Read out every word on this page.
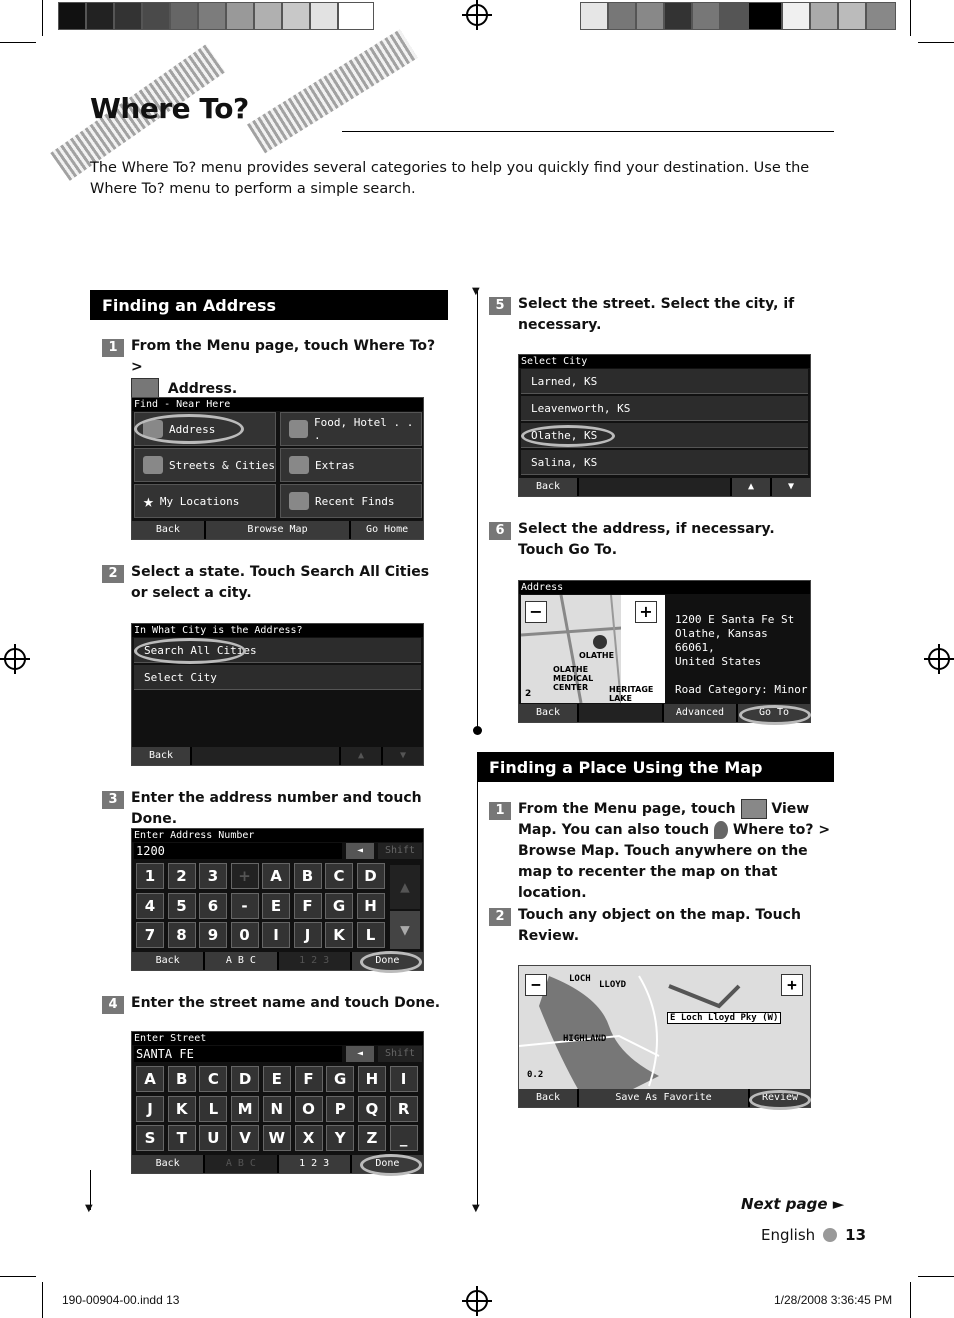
Where To?

The Where To? menu provides several categories to help you quickly find your destination. Use the Where To? menu to perform a simple search.

Finding an Address
1 From the Menu page, touch Where To? >
Address.
Find - Near Here
Address	Food, Hotel . . .
Streets & Cities	Extras
★ My Locations	Recent Finds
Back	Browse Map	Go Home
2 Select a state. Touch Search All Cities or select a city.
In What City is the Address?
Search All Cities
Select City
Back	▲	▼
3 Enter the address number and touch Done.
Enter Address Number
1200	◄	Shift
1	2	3	+	A	B	C	D
4	5	6	-	E	F	G	H
7	8	9	0	I	J	K	L
▲
▼
Back	A B C	1 2 3	Done
4 Enter the street name and touch Done.
Enter Street
SANTA FE	◄	Shift
A	B	C	D	E	F	G	H	I
J	K	L	M	N	O	P	Q	R
S	T	U	V	W	X	Y	Z	_
Back	A B C	1 2 3	Done
▼
▼
5 Select the street. Select the city, if necessary.
Select City
Larned, KS
Leavenworth, KS
Olathe, KS
Salina, KS
Back	▲	▼
6 Select the address, if necessary. Touch Go To.
Address
−	+
OLATHE
OLATHE MEDICAL CENTER	HERITAGE LAKE
2
1200 E Santa Fe St
Olathe, Kansas 66061,
United States
Road Category: Minor
Back	Advanced	Go To
Finding a Place Using the Map
1 From the Menu page, touch	View Map. You can also touch Where to? > Browse Map. Touch anywhere on the map to recenter the map on that location.
2 Touch any object on the map. Touch Review.
−	+
LOCH
LLOYD
HIGHLAND
E Loch Lloyd Pky (W)
0.2
Back	Save As Favorite	Review
▼	Next page ►
English 13
190-00904-00.indd 13	1/28/2008 3:36:45 PM
